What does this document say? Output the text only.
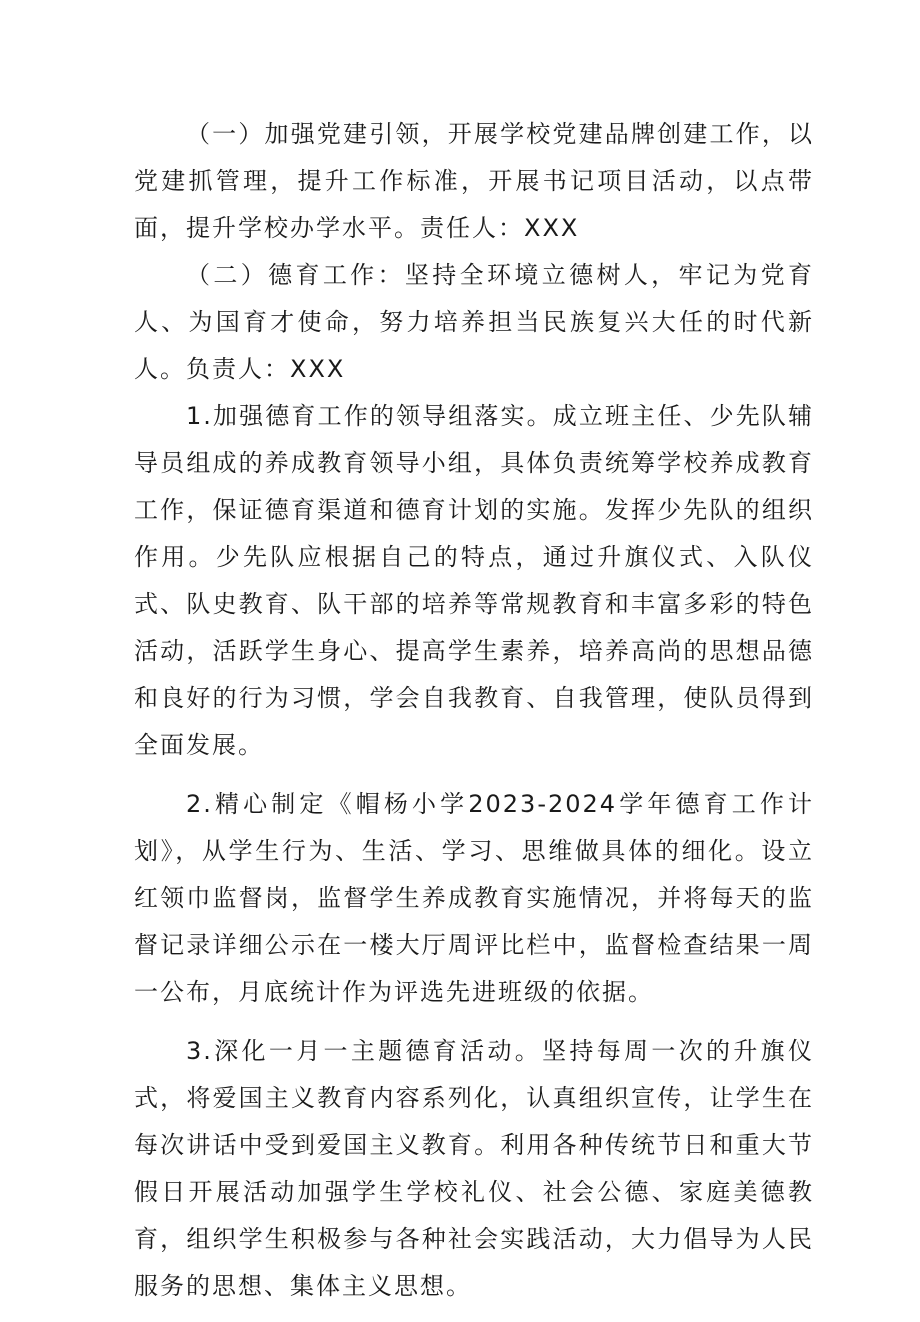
（一）加强党建引领，开展学校党建品牌创建工作，以党建抓管理，提升工作标准，开展书记项目活动，以点带面，提升学校办学水平。责任人：XXX

（二）德育工作：坚持全环境立德树人，牢记为党育人、为国育才使命，努力培养担当民族复兴大任的时代新人。负责人：XXX

1.加强德育工作的领导组落实。成立班主任、少先队辅导员组成的养成教育领导小组，具体负责统筹学校养成教育工作，保证德育渠道和德育计划的实施。发挥少先队的组织作用。少先队应根据自己的特点，通过升旗仪式、入队仪式、队史教育、队干部的培养等常规教育和丰富多彩的特色活动，活跃学生身心、提高学生素养，培养高尚的思想品德和良好的行为习惯，学会自我教育、自我管理，使队员得到全面发展。

2.精心制定《帽杨小学2023-2024学年德育工作计划》，从学生行为、生活、学习、思维做具体的细化。设立红领巾监督岗，监督学生养成教育实施情况，并将每天的监督记录详细公示在一楼大厅周评比栏中，监督检查结果一周一公布，月底统计作为评选先进班级的依据。

3.深化一月一主题德育活动。坚持每周一次的升旗仪式，将爱国主义教育内容系列化，认真组织宣传，让学生在每次讲话中受到爱国主义教育。利用各种传统节日和重大节假日开展活动加强学生学校礼仪、社会公德、家庭美德教育，组织学生积极参与各种社会实践活动，大力倡导为人民服务的思想、集体主义思想。
